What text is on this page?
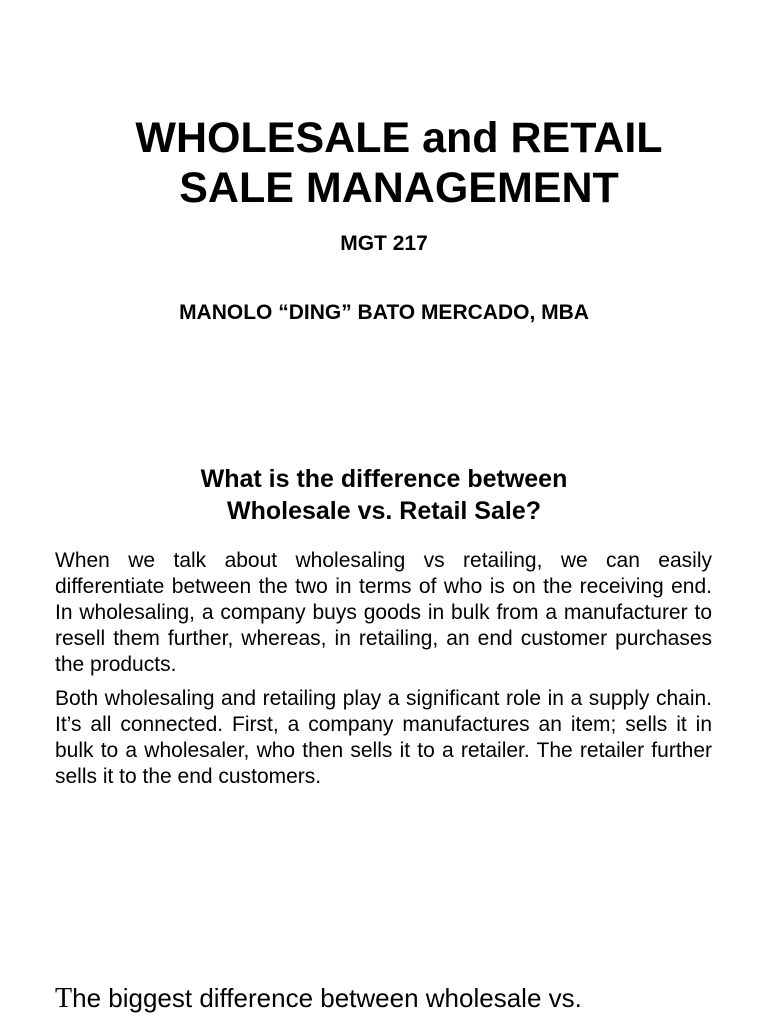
WHOLESALE and RETAIL
SALE MANAGEMENT

MGT 217

MANOLO “DING” BATO MERCADO, MBA

What is the difference between
Wholesale vs. Retail Sale?

When we talk about wholesaling vs retailing, we can easily differentiate between the two in terms of who is on the receiving end. In wholesaling, a company buys goods in bulk from a manufacturer to resell them further, whereas, in retailing, an end customer purchases the products.

Both wholesaling and retailing play a significant role in a supply chain. It’s all connected. First, a company manufactures an item; sells it in bulk to a wholesaler, who then sells it to a retailer. The retailer further sells it to the end customers.

The biggest difference between wholesale vs.
